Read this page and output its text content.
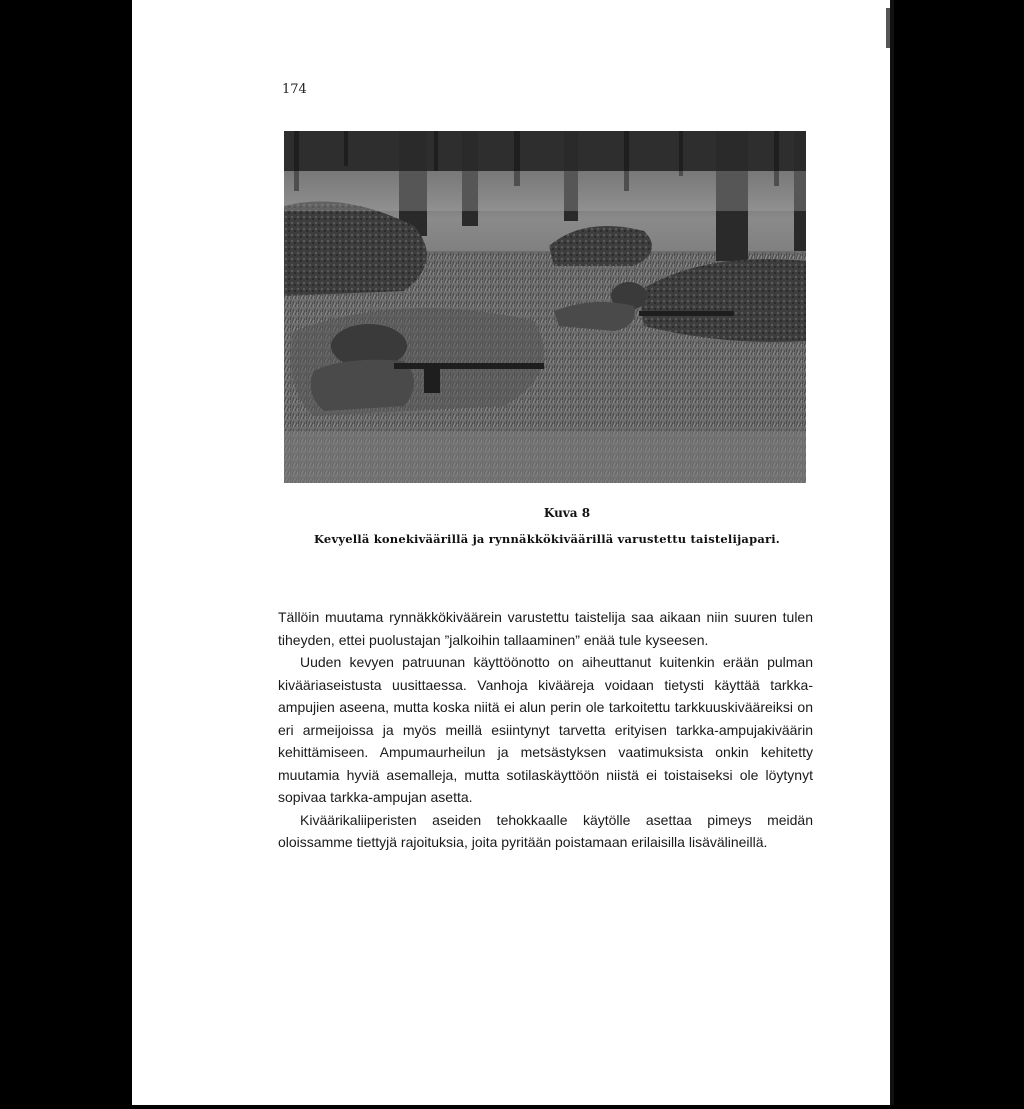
174
Kuva 8
Kevyellä konekiväärillä ja rynnäkkökiväärillä varustettu taistelijapari.

Tällöin muutama rynnäkkökiväärein varustettu taistelija saa aikaan niin suuren tulen tiheyden, ettei puolustajan ”jalkoihin tallaaminen” enää tule kyseesen.

Uuden kevyen patruunan käyttöönotto on aiheuttanut kuitenkin erään pulman kivääriaseistusta uusittaessa. Vanhoja kivääreja voidaan tietysti käyttää tarkka-ampujien aseena, mutta koska niitä ei alun perin ole tarkoitettu tarkkuuskivääreiksi on eri armeijoissa ja myös meillä esiintynyt tarvetta erityisen tarkka-ampujakiväärin kehittämiseen. Ampumaurheilun ja metsästyksen vaatimuksista onkin kehitetty muutamia hyviä asemalleja, mutta sotilaskäyttöön niistä ei toistaiseksi ole löytynyt sopivaa tarkka-ampujan asetta.

Kiväärikaliiperisten aseiden tehokkaalle käytölle asettaa pimeys meidän oloissamme tiettyjä rajoituksia, joita pyritään poistamaan erilaisilla lisävälineillä.
